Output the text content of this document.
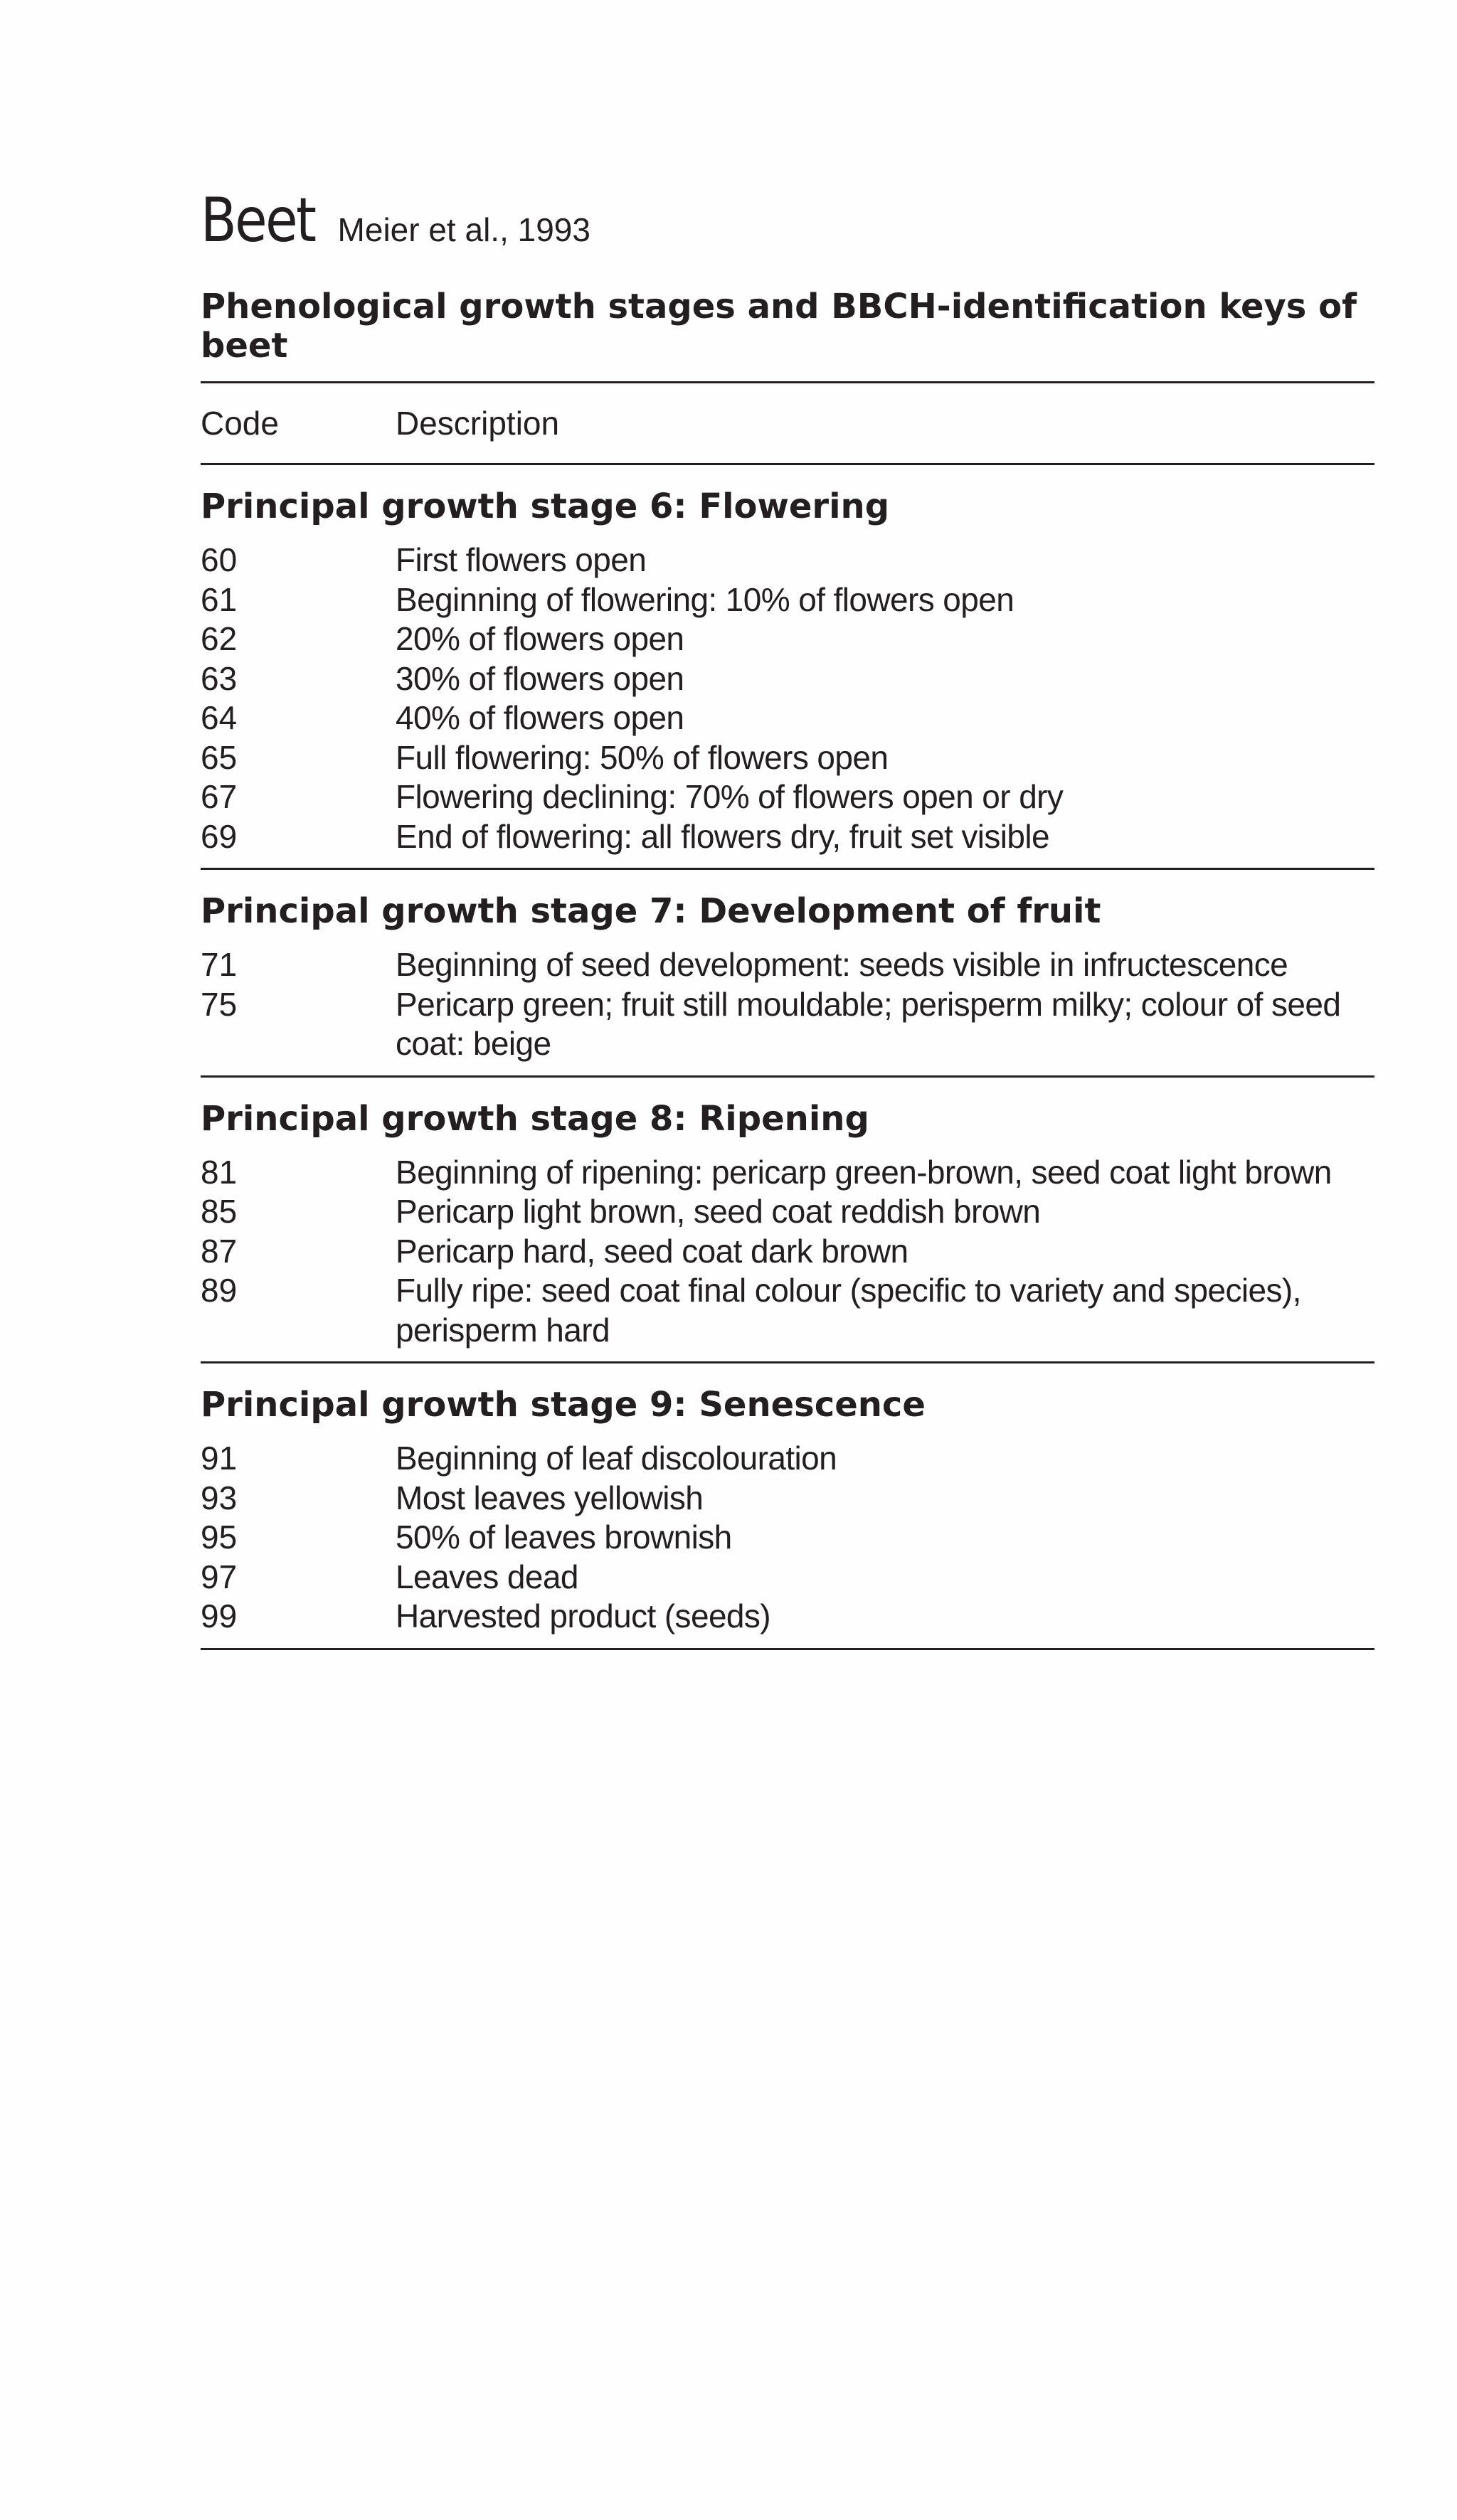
Beet Meier et al., 1993
Phenological growth stages and BBCH-identification keys of beet
Code	Description
Principal growth stage 6: Flowering
60	First flowers open
61	Beginning of flowering: 10% of flowers open
62	20% of flowers open
63	30% of flowers open
64	40% of flowers open
65	Full flowering: 50% of flowers open
67	Flowering declining: 70% of flowers open or dry
69	End of flowering: all flowers dry, fruit set visible
Principal growth stage 7: Development of fruit
71	Beginning of seed development: seeds visible in infructescence
75	Pericarp green; fruit still mouldable; perisperm milky; colour of seed coat: beige
Principal growth stage 8: Ripening
81	Beginning of ripening: pericarp green-brown, seed coat light brown
85	Pericarp light brown, seed coat reddish brown
87	Pericarp hard, seed coat dark brown
89	Fully ripe: seed coat final colour (specific to variety and species), perisperm hard
Principal growth stage 9: Senescence
91	Beginning of leaf discolouration
93	Most leaves yellowish
95	50% of leaves brownish
97	Leaves dead
99	Harvested product (seeds)
